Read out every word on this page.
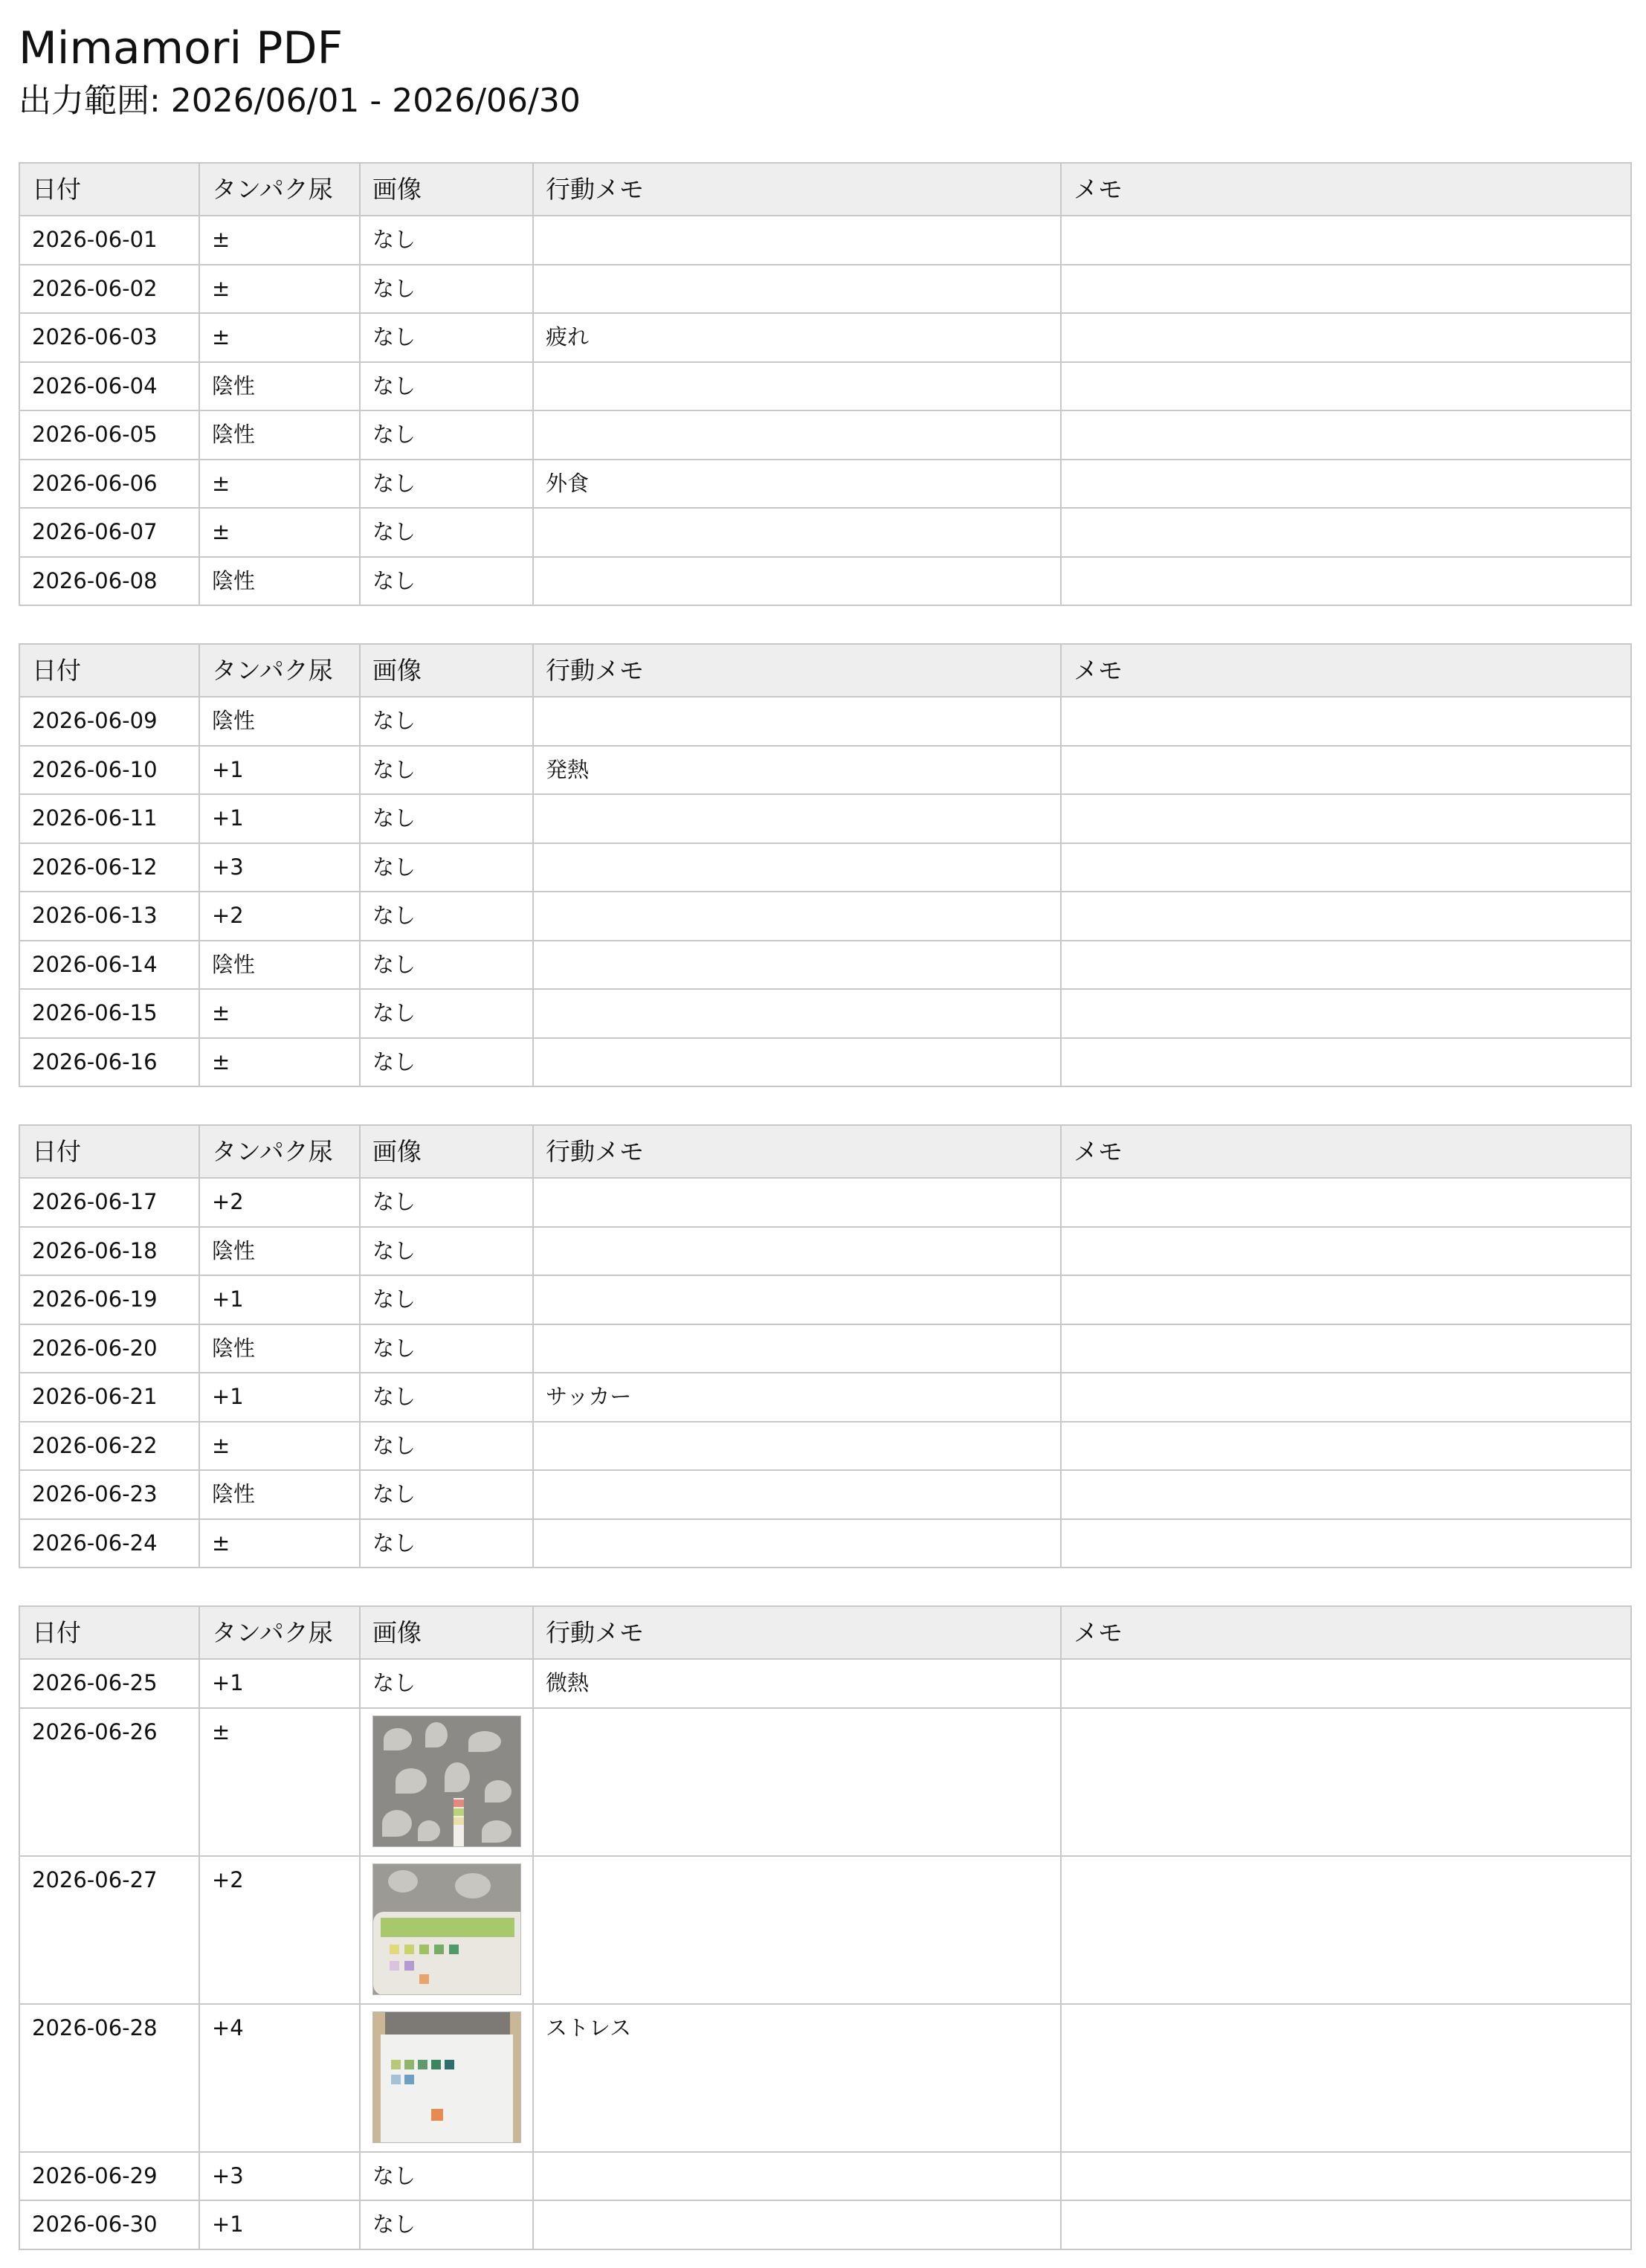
Mimamori PDF
出力範囲: 2026/06/01 - 2026/06/30
日付	タンパク尿	画像	行動メモ	メモ
2026-06-01	±	なし		
2026-06-02	±	なし		
2026-06-03	±	なし	疲れ	
2026-06-04	陰性	なし		
2026-06-05	陰性	なし		
2026-06-06	±	なし	外食	
2026-06-07	±	なし		
2026-06-08	陰性	なし		
日付	タンパク尿	画像	行動メモ	メモ
2026-06-09	陰性	なし		
2026-06-10	+1	なし	発熱	
2026-06-11	+1	なし		
2026-06-12	+3	なし		
2026-06-13	+2	なし		
2026-06-14	陰性	なし		
2026-06-15	±	なし		
2026-06-16	±	なし		
日付	タンパク尿	画像	行動メモ	メモ
2026-06-17	+2	なし		
2026-06-18	陰性	なし		
2026-06-19	+1	なし		
2026-06-20	陰性	なし		
2026-06-21	+1	なし	サッカー	
2026-06-22	±	なし		
2026-06-23	陰性	なし		
2026-06-24	±	なし		
日付	タンパク尿	画像	行動メモ	メモ
2026-06-25	+1	なし	微熱	
2026-06-26	±	

2026-06-27	+2	

2026-06-28	+4		ストレス	
2026-06-29	+3	なし		
2026-06-30	+1	なし		
